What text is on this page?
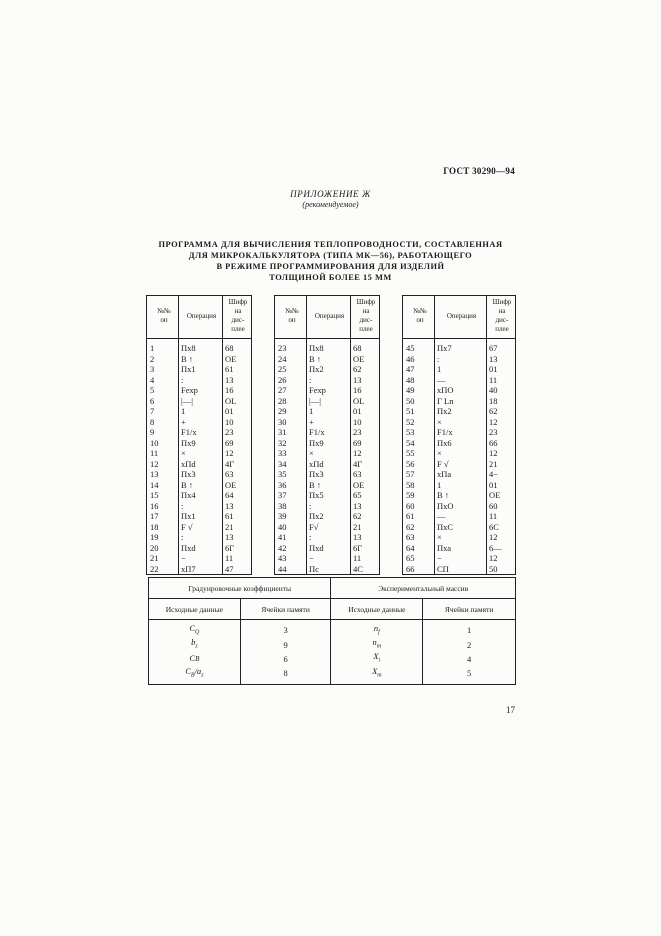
ГОСТ 30290—94
ПРИЛОЖЕНИЕ Ж
(рекомендуемое)
ПРОГРАММА ДЛЯ ВЫЧИСЛЕНИЯ ТЕПЛОПРОВОДНОСТИ, СОСТАВЛЕННАЯ
ДЛЯ МИКРОКАЛЬКУЛЯТОРА (ТИПА МК—56), РАБОТАЮЩЕГО
В РЕЖИМЕ ПРОГРАММИРОВАНИЯ ДЛЯ ИЗДЕЛИЙ
ТОЛЩИНОЙ БОЛЕЕ 15 ММ
№№
оп	Операция	Шифр
на
дис-
плее
1	Пх8	68
2	В ↑	ОЕ
3	Пх1	61
4	:	13
5	Fехр	16
6	|—|	OL
7	1	01
8	+	10
9	F1/x	23
10	Пх9	69
11	×	12
12	хПd	4Г
13	Пх3	63
14	В ↑	ОЕ
15	Пх4	64
16	:	13
17	Пх1	61
18	F √	21
19	:	13
20	Пхd	6Г
21	−	11
22	хП7	47
№№
оп	Операция	Шифр
на
дис-
плее
23	Пх8	68
24	В ↑	ОЕ
25	Пх2	62
26	:	13
27	Fехр	16
28	|—|	OL
29	1	01
30	+	10
31	F1/x	23
32	Пх9	69
33	×	12
34	хПd	4Г
35	Пх3	63
36	В ↑	ОЕ
37	Пх5	65
38	:	13
39	Пх2	62
40	F√	21
41	:	13
42	Пхd	6Г
43	−	11
44	Пс	4С
№№
оп	Операция	Шифр
на
дис-
плее
45	Пх7	67
46	:	13
47	1	01
48	—	11
49	хПО	40
50	Г Ln	18
51	Пх2	62
52	×	12
53	F1/x	23
54	Пх6	66
55	×	12
56	F √	21
57	хПа	4−
58	1	01
59	В ↑	ОЕ
60	ПхО	60
61	—	11
62	ПхС	6С
63	×	12
64	Пха	6—
65	−	12
66	СП	50
Градуировочные коэффициенты		Экспериментальный массив	
Исходные данные	Ячейки памяти	Исходные данные	Ячейки памяти
$C_Q$	3	$n_f$	1
$b_z$	9	$n_m$	2
CB	6	$X_i$	4
$C_B/a_z$	8	$X_m$	5
17
